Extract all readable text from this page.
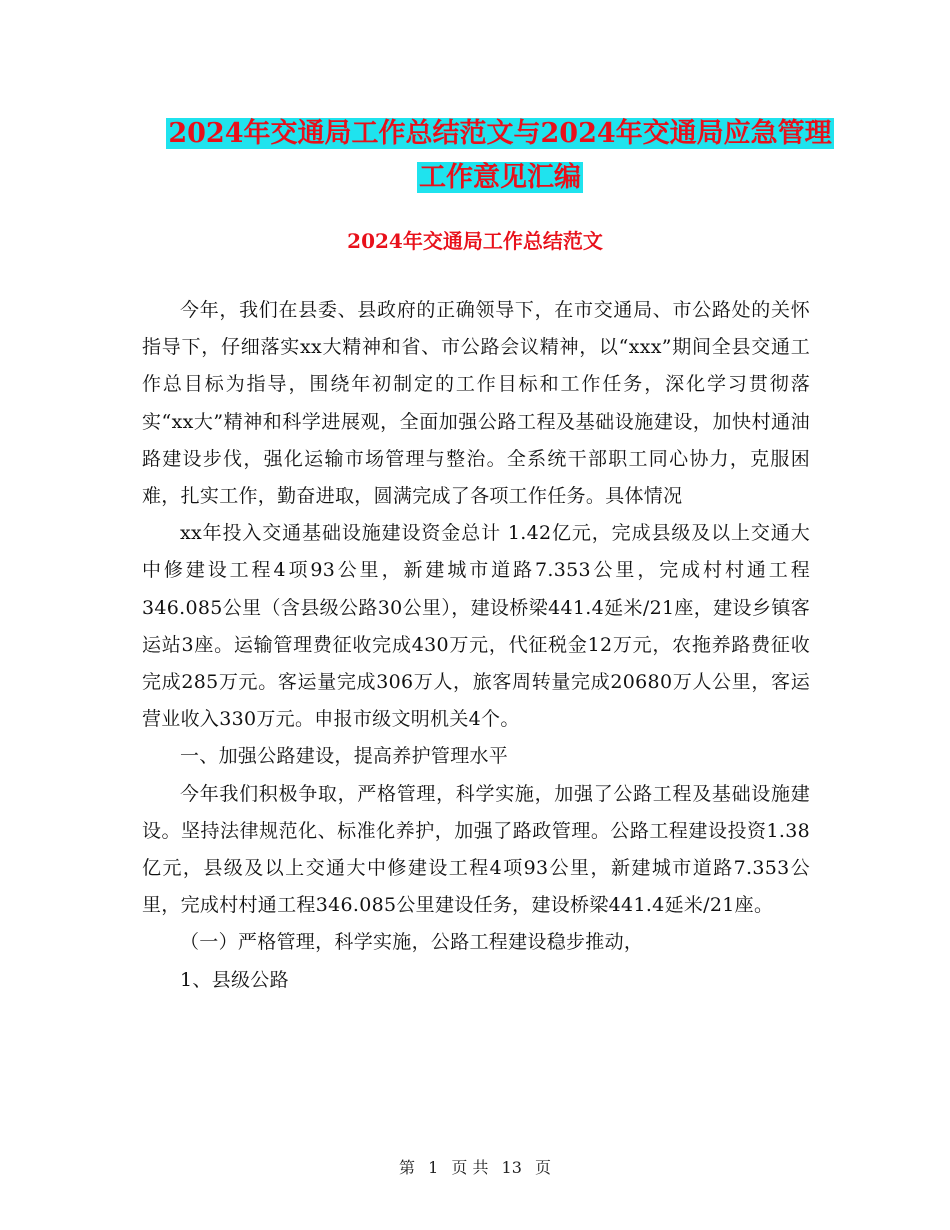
2024年交通局工作总结范文与2024年交通局应急管理
工作意见汇编
2024年交通局工作总结范文

今年，我们在县委、县政府的正确领导下，在市交通局、市公路处的关怀指导下，仔细落实xx大精神和省、市公路会议精神，以“xxx”期间全县交通工作总目标为指导，围绕年初制定的工作目标和工作任务，深化学习贯彻落实“xx大”精神和科学进展观，全面加强公路工程及基础设施建设，加快村通油路建设步伐，强化运输市场管理与整治。全系统干部职工同心协力，克服困难，扎实工作，勤奋进取，圆满完成了各项工作任务。具体情况

xx年投入交通基础设施建设资金总计 1.42亿元，完成县级及以上交通大中修建设工程4项93公里，新建城市道路7.353公里，完成村村通工程346.085公里（含县级公路30公里），建设桥梁441.4延米/21座，建设乡镇客运站3座。运输管理费征收完成430万元，代征税金12万元，农拖养路费征收完成285万元。客运量完成306万人，旅客周转量完成20680万人公里，客运营业收入330万元。申报市级文明机关4个。

一、加强公路建设，提高养护管理水平

今年我们积极争取，严格管理，科学实施，加强了公路工程及基础设施建设。坚持法律规范化、标准化养护，加强了路政管理。公路工程建设投资1.38亿元，县级及以上交通大中修建设工程4项93公里，新建城市道路7.353公里，完成村村通工程346.085公里建设任务，建设桥梁441.4延米/21座。

（一）严格管理，科学实施，公路工程建设稳步推动，

1、县级公路

第 1 页 共 13 页
